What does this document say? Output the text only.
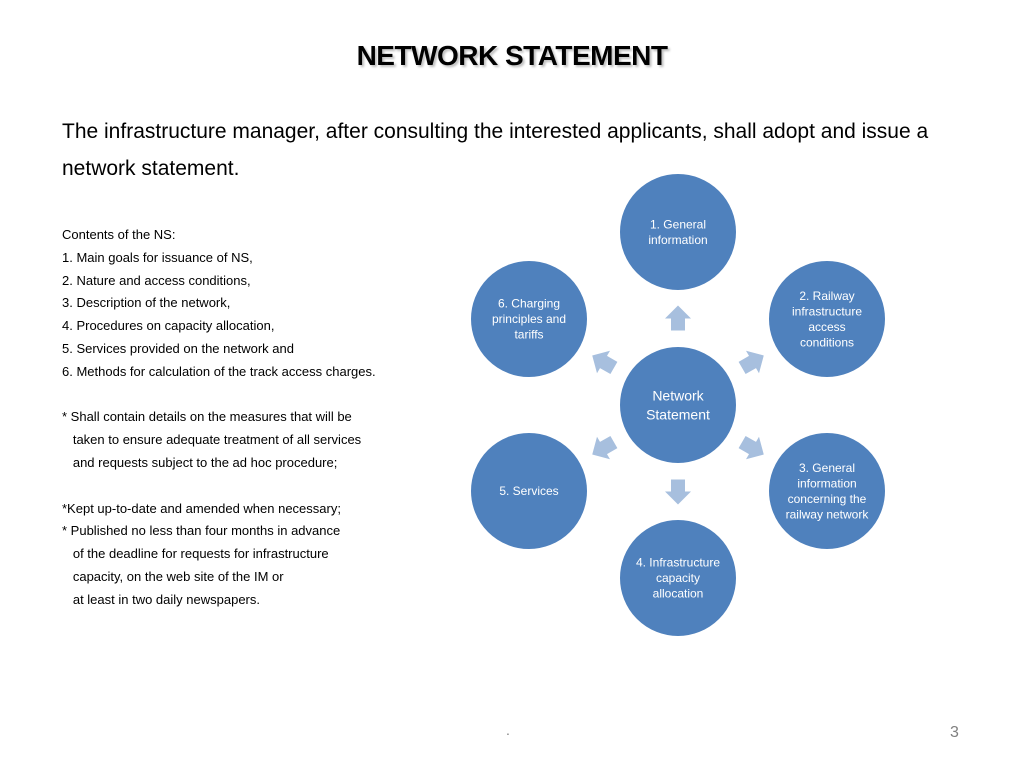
NETWORK STATEMENT
The infrastructure manager, after consulting the interested applicants, shall adopt and issue a network statement.
Contents of the NS:
1. Main goals for issuance of NS,
2. Nature and access conditions,
3. Description of the network,
4. Procedures on capacity allocation,
5. Services provided on the network and
6. Methods for calculation of the track access charges.
* Shall contain details on the measures that will be
taken to ensure adequate treatment of all services
and requests subject to the ad hoc procedure;
*Kept up-to-date and amended when necessary;
* Published no less than four months in advance
of the deadline for requests for infrastructure
capacity, on the web site of the IM or
at least in two daily newspapers.
Network Statement
1. General information
2. Railway infrastructure access conditions
3. General information concerning the railway network
4. Infrastructure capacity allocation
5. Services
6. Charging principles and tariffs
.	3
